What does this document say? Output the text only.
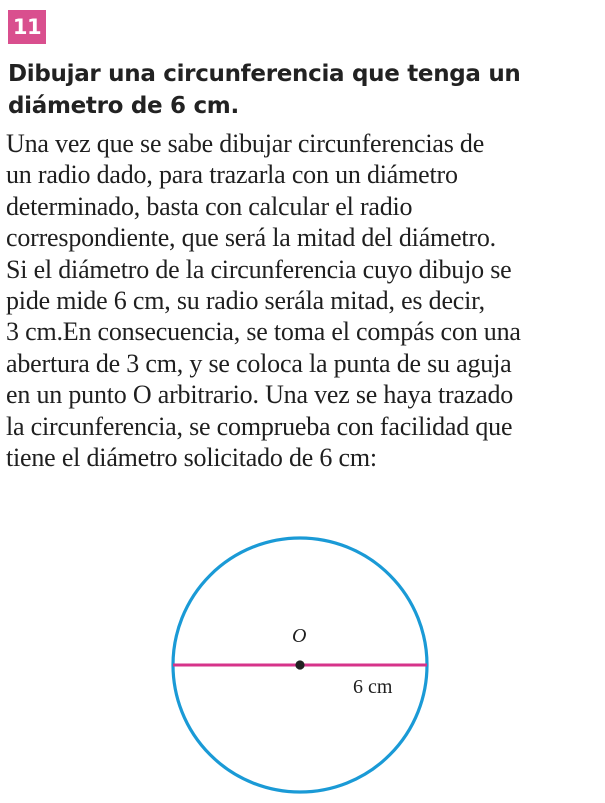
11
Dibujar una circunferencia que tenga un
diámetro de 6 cm.
Una vez que se sabe dibujar circunferencias de
un radio dado, para trazarla con un diámetro
determinado, basta con calcular el radio
correspondiente, que será la mitad del diámetro.
Si el diámetro de la circunferencia cuyo dibujo se
pide mide 6 cm, su radio serála mitad, es decir,
3 cm.En consecuencia, se toma el compás con una
abertura de 3 cm, y se coloca la punta de su aguja
en un punto O arbitrario. Una vez se haya trazado
la circunferencia, se comprueba con facilidad que
tiene el diámetro solicitado de 6 cm:
O
6 cm
